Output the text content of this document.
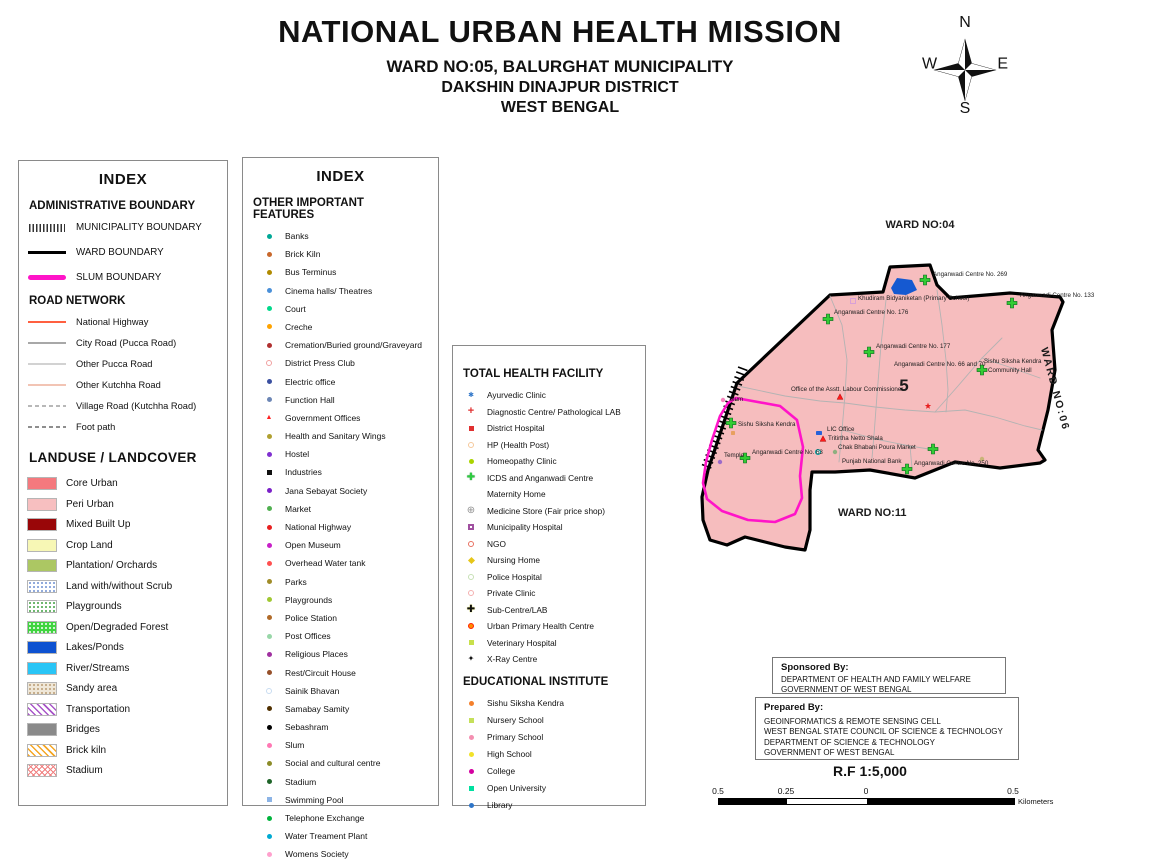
NATIONAL URBAN HEALTH MISSION
WARD NO:05, BALURGHAT MUNICIPALITY
DAKSHIN DINAJPUR DISTRICT
WEST BENGAL
N
S
W	E
INDEX
ADMINISTRATIVE BOUNDARY
MUNICIPALITY BOUNDARY
WARD BOUNDARY
SLUM BOUNDARY
ROAD NETWORK
National Highway
City Road (Pucca Road)
Other Pucca Road
Other Kutchha Road
Village Road (Kutchha Road)
Foot path
LANDUSE / LANDCOVER
Core Urban
Peri Urban
Mixed Built Up
Crop Land
Plantation/ Orchards
Land with/without Scrub
Playgrounds
Open/Degraded Forest
Lakes/Ponds
River/Streams
Sandy area
Transportation
Bridges
Brick kiln
Stadium
INDEX
OTHER IMPORTANT FEATURES
Banks
Brick Kiln
Bus Terminus
Cinema halls/ Theatres
Court
Creche
Cremation/Buried ground/Graveyard
District Press Club
Electric office
Function Hall
▲ Government Offices
Health and Sanitary Wings
Hostel
Industries
Jana Sebayat Society
Market
National Highway
Open Museum
Overhead Water tank
Parks
Playgrounds
Police Station
Post Offices
Religious Places
Rest/Circuit House
Sainik Bhavan
Samabay Samity
Sebashram
Slum
Social and cultural centre
Stadium
Swimming Pool
Telephone Exchange
Water Treament Plant
Womens Society
TOTAL HEALTH FACILITY
✱ Ayurvedic Clinic
+ Diagnostic Centre/ Pathological LAB
District Hospital
HP (Health Post)
Homeopathy Clinic
✚ ICDS and Anganwadi Centre
Maternity Home
⊕ Medicine Store (Fair price shop)
Municipality Hospital
NGO
Nursing Home
Police Hospital
Private Clinic
✚ Sub-Centre/LAB
Urban Primary Health Centre
Veterinary Hospital
✦ X-Ray Centre
EDUCATIONAL INSTITUTE
Sishu Siksha Kendra
Nursery School
Primary School
High School
College
Open University
Library
WARD NO:04
WARD NO:11
WARD NO:06
5
Anganwadi Centre No. 269
Anganwadi Centre No. 133
Khudiram Bidyaniketan (Primary School)
Anganwadi Centre No. 176
Anganwadi Centre No. 177
Anganwadi Centre No. 66 and 70
Sishu Siksha Kendra
Community Hall
Office of the Asstt. Labour Commissioner
Slum
Sishu Siksha Kendra
Temple Anganwadi Centre No. 63
LIC Office
Tritirtha Netto Shala
Chak Bhabani Poura Market
Punjab National Bank Anganwadi Centre No. 250
Sponsored By:
DEPARTMENT OF HEALTH AND FAMILY WELFARE
GOVERNMENT OF WEST BENGAL
Prepared By:
GEOINFORMATICS & REMOTE SENSING CELL
WEST BENGAL STATE COUNCIL OF SCIENCE & TECHNOLOGY
DEPARTMENT OF SCIENCE & TECHNOLOGY
GOVERNMENT OF WEST BENGAL
R.F 1:5,000
0.5	0.25	0	0.5
Kilometers
